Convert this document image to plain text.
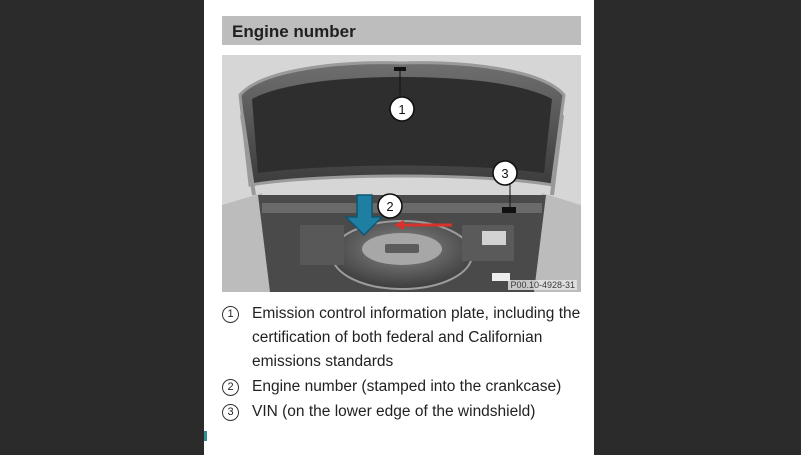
Engine number
1
2
3
P00.10-4928-31
1	Emission control information plate, including the certification of both federal and Californian emissions standards
2	Engine number (stamped into the crankcase)
3	VIN (on the lower edge of the windshield)
